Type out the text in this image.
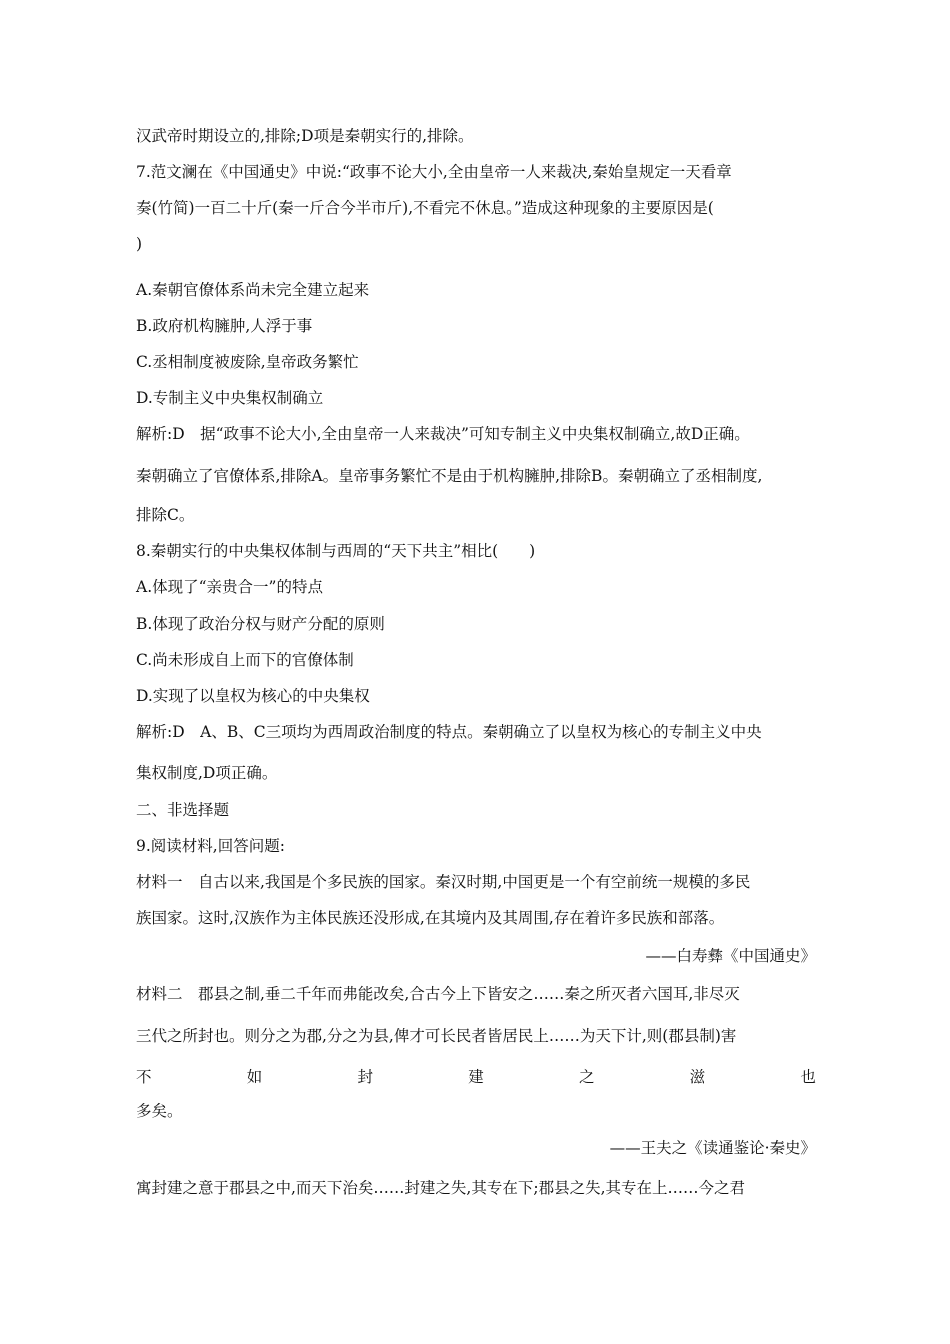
汉武帝时期设立的,排除;D项是秦朝实行的,排除。
7.范文澜在《中国通史》中说:“政事不论大小,全由皇帝一人来裁决,秦始皇规定一天看章
奏(竹简)一百二十斤(秦一斤合今半市斤),不看完不休息。”造成这种现象的主要原因是(
)
A.秦朝官僚体系尚未完全建立起来
B.政府机构臃肿,人浮于事
C.丞相制度被废除,皇帝政务繁忙
D.专制主义中央集权制确立
解析:D　据“政事不论大小,全由皇帝一人来裁决”可知专制主义中央集权制确立,故D正确。
秦朝确立了官僚体系,排除A。皇帝事务繁忙不是由于机构臃肿,排除B。秦朝确立了丞相制度,
排除C。
8.秦朝实行的中央集权体制与西周的“天下共主”相比(　　)
A.体现了“亲贵合一”的特点
B.体现了政治分权与财产分配的原则
C.尚未形成自上而下的官僚体制
D.实现了以皇权为核心的中央集权
解析:D　A、B、C三项均为西周政治制度的特点。秦朝确立了以皇权为核心的专制主义中央
集权制度,D项正确。
二、非选择题
9.阅读材料,回答问题:
材料一　自古以来,我国是个多民族的国家。秦汉时期,中国更是一个有空前统一规模的多民
族国家。这时,汉族作为主体民族还没形成,在其境内及其周围,存在着许多民族和部落。
——白寿彝《中国通史》
材料二　郡县之制,垂二千年而弗能改矣,合古今上下皆安之……秦之所灭者六国耳,非尽灭
三代之所封也。则分之为郡,分之为县,俾才可长民者皆居民上……为天下计,则(郡县制)害
不	如	封	建	之	滋	也
多矣。
——王夫之《读通鉴论·秦史》
寓封建之意于郡县之中,而天下治矣……封建之失,其专在下;郡县之失,其专在上……今之君
